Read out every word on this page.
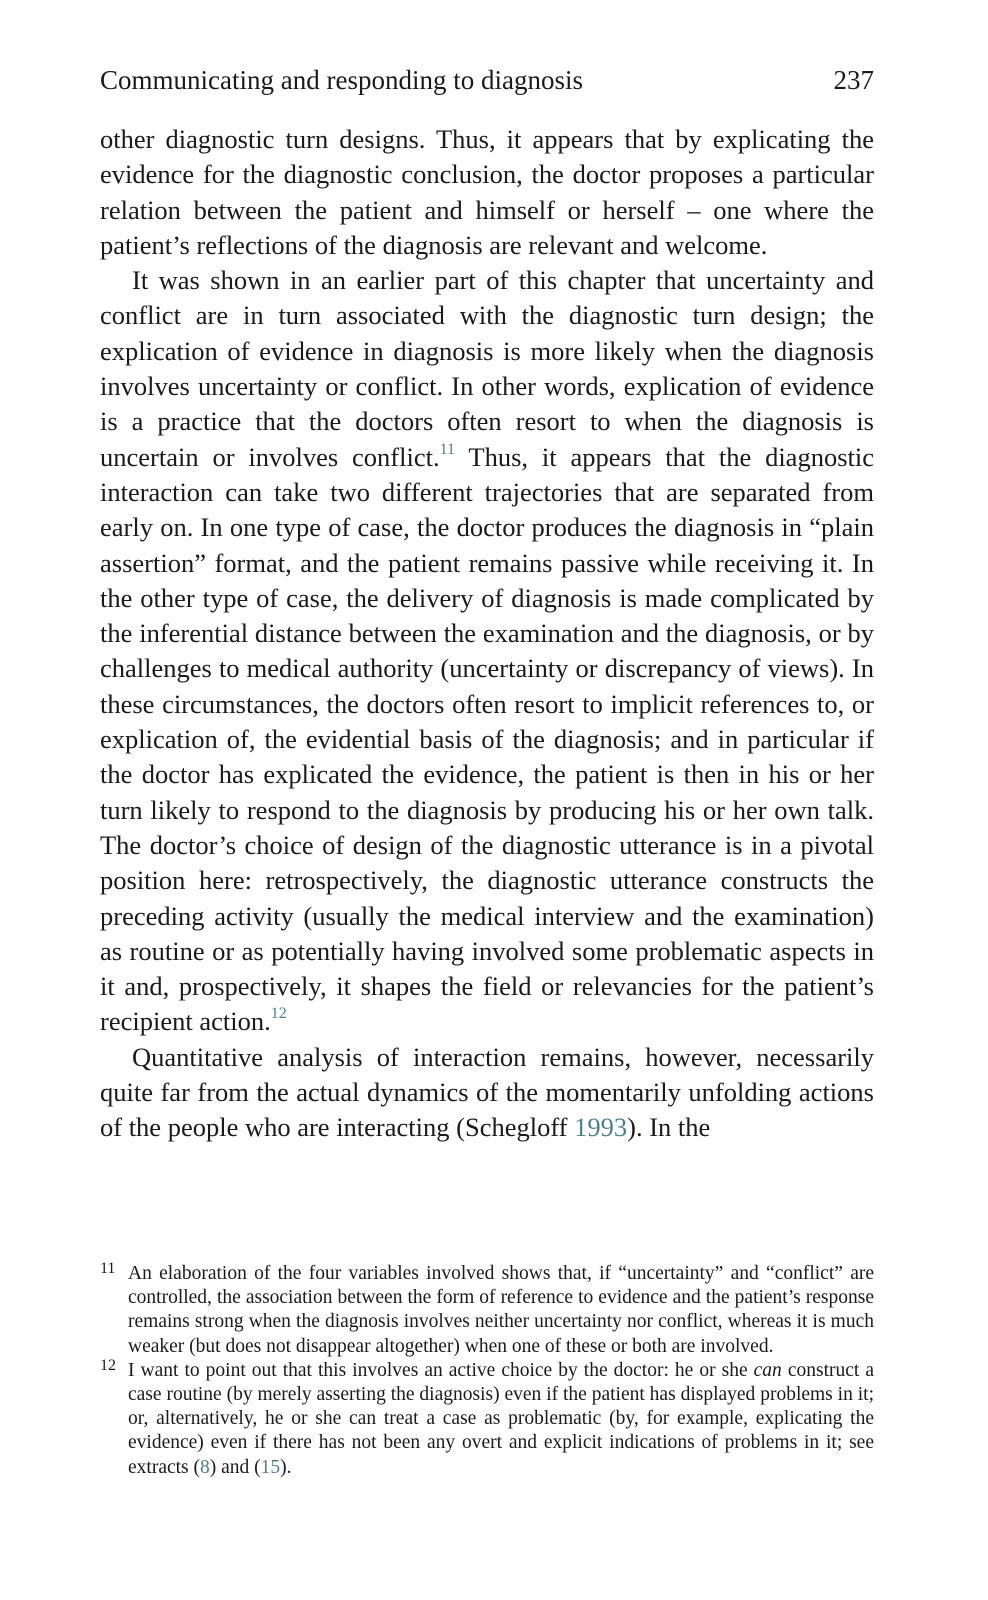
Communicating and responding to diagnosis	237

other diagnostic turn designs. Thus, it appears that by explicating the evidence for the diagnostic conclusion, the doctor proposes a particular relation between the patient and himself or herself – one where the patient’s reflections of the diagnosis are relevant and welcome.

It was shown in an earlier part of this chapter that uncertainty and conflict are in turn associated with the diagnostic turn design; the explication of evidence in diagnosis is more likely when the diagnosis involves uncertainty or conflict. In other words, explication of evidence is a practice that the doctors often resort to when the diagnosis is uncertain or involves conflict.$^{11}$ Thus, it appears that the diagnostic interaction can take two different trajectories that are separated from early on. In one type of case, the doctor produces the diagnosis in “plain assertion” format, and the patient remains passive while receiving it. In the other type of case, the delivery of diagnosis is made complicated by the inferential distance between the examination and the diagnosis, or by challenges to medical authority (uncertainty or discrepancy of views). In these circumstances, the doctors often resort to implicit references to, or explication of, the evidential basis of the diagnosis; and in particular if the doctor has explicated the evidence, the patient is then in his or her turn likely to respond to the diagnosis by producing his or her own talk. The doctor’s choice of design of the diagnostic utterance is in a pivotal position here: retrospectively, the diagnostic utterance constructs the preceding activity (usually the medical interview and the examination) as routine or as potentially having involved some problematic aspects in it and, prospectively, it shapes the field or relevancies for the patient’s recipient action.$^{12}$

Quantitative analysis of interaction remains, however, necessarily quite far from the actual dynamics of the momentarily unfolding actions of the people who are interacting (Schegloff 1993). In the

11 An elaboration of the four variables involved shows that, if “uncertainty” and “conflict” are controlled, the association between the form of reference to evidence and the patient’s response remains strong when the diagnosis involves neither uncertainty nor conflict, whereas it is much weaker (but does not disappear altogether) when one of these or both are involved.

12 I want to point out that this involves an active choice by the doctor: he or she can construct a case routine (by merely asserting the diagnosis) even if the patient has displayed problems in it; or, alternatively, he or she can treat a case as problematic (by, for example, explicating the evidence) even if there has not been any overt and explicit indications of problems in it; see extracts (8) and (15).
